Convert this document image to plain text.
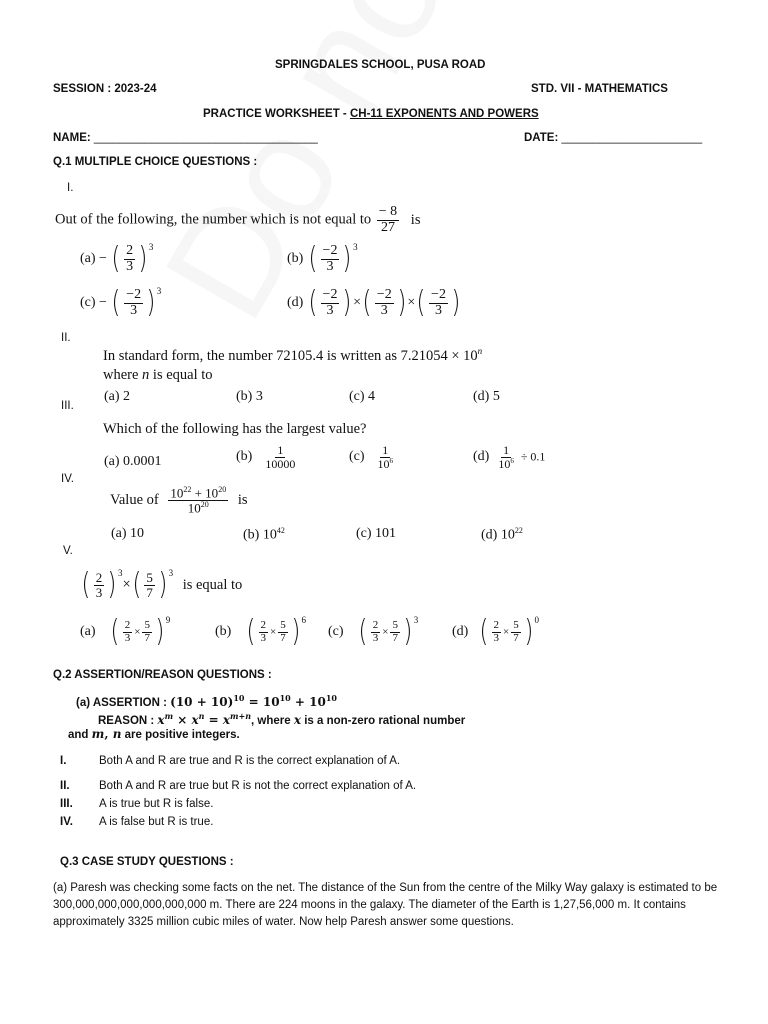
SPRINGDALES SCHOOL, PUSA ROAD
SESSION : 2023-24	STD. VII - MATHEMATICS
PRACTICE WORKSHEET - CH-11 EXPONENTS AND POWERS
NAME: ___________________________________	DATE: ______________________
Q.1 MULTIPLE CHOICE QUESTIONS :
I.
Out of the following, the number which is not equal to $\frac{- 8}{27}$ is
(a) − ( $\frac{2}{3} )^3$
(b) ( $\frac{-2}{3} )^3$
(c) − ( $\frac{-2}{3} )^3$
(d) ( $\frac{-2}{3}$ ) × ( $\frac{-2}{3}$ ) × ( $\frac{-2}{3}$ )
II.
In standard form, the number 72105.4 is written as $7.21054 \times 10^n$
where n is equal to
(a) 2	(b) 3	(c) 4	(d) 5
III.
Which of the following has the largest value?
(a) 0.0001	$(b) \frac{1}{10000}$	$(c) \frac{1}{10^6}$	$(d) \frac{1}{10^6} \div 0.1$
IV.
Value of $\frac{10^{22} + 10^{20}}{10^{20}}$ is
(a) 10	(b) $10^{42}$	(c) 101	(d) $10^{22}$
V.
( $\frac{2}{3} )^3$
× ( $\frac{5}{7} )^3$
is equal to
(a) ( $\frac{2}{3} \times \frac{5}{7} )^9$
(b) ( $\frac{2}{3} \times \frac{5}{7} )^6$
(c) ( $\frac{2}{3} \times \frac{5}{7} )^3$
(d) ( $\frac{2}{3} \times \frac{5}{7} )^0$
Q.2 ASSERTION/REASON QUESTIONS :
(a) ASSERTION : $(10 + 10)^{10} = 10^{10} + 10^{10}$
REASON : $x^m \times x^n = x^{m+n}$, where x is a non-zero rational number
and m, n are positive integers.
I.	Both A and R are true and R is the correct explanation of A.
II.	Both A and R are true but R is not the correct explanation of A.
III. A is true but R is false.
IV. A is false but R is true.
Q.3 CASE STUDY QUESTIONS :
(a) Paresh was checking some facts on the net. The distance of the Sun from the centre of the Milky Way galaxy is estimated to be 300,000,000,000,000,000,000 m. There are 224 moons in the galaxy. The diameter of the Earth is 1,27,56,000 m. It contains approximately 3325 million cubic miles of water. Now help Paresh answer some questions.
